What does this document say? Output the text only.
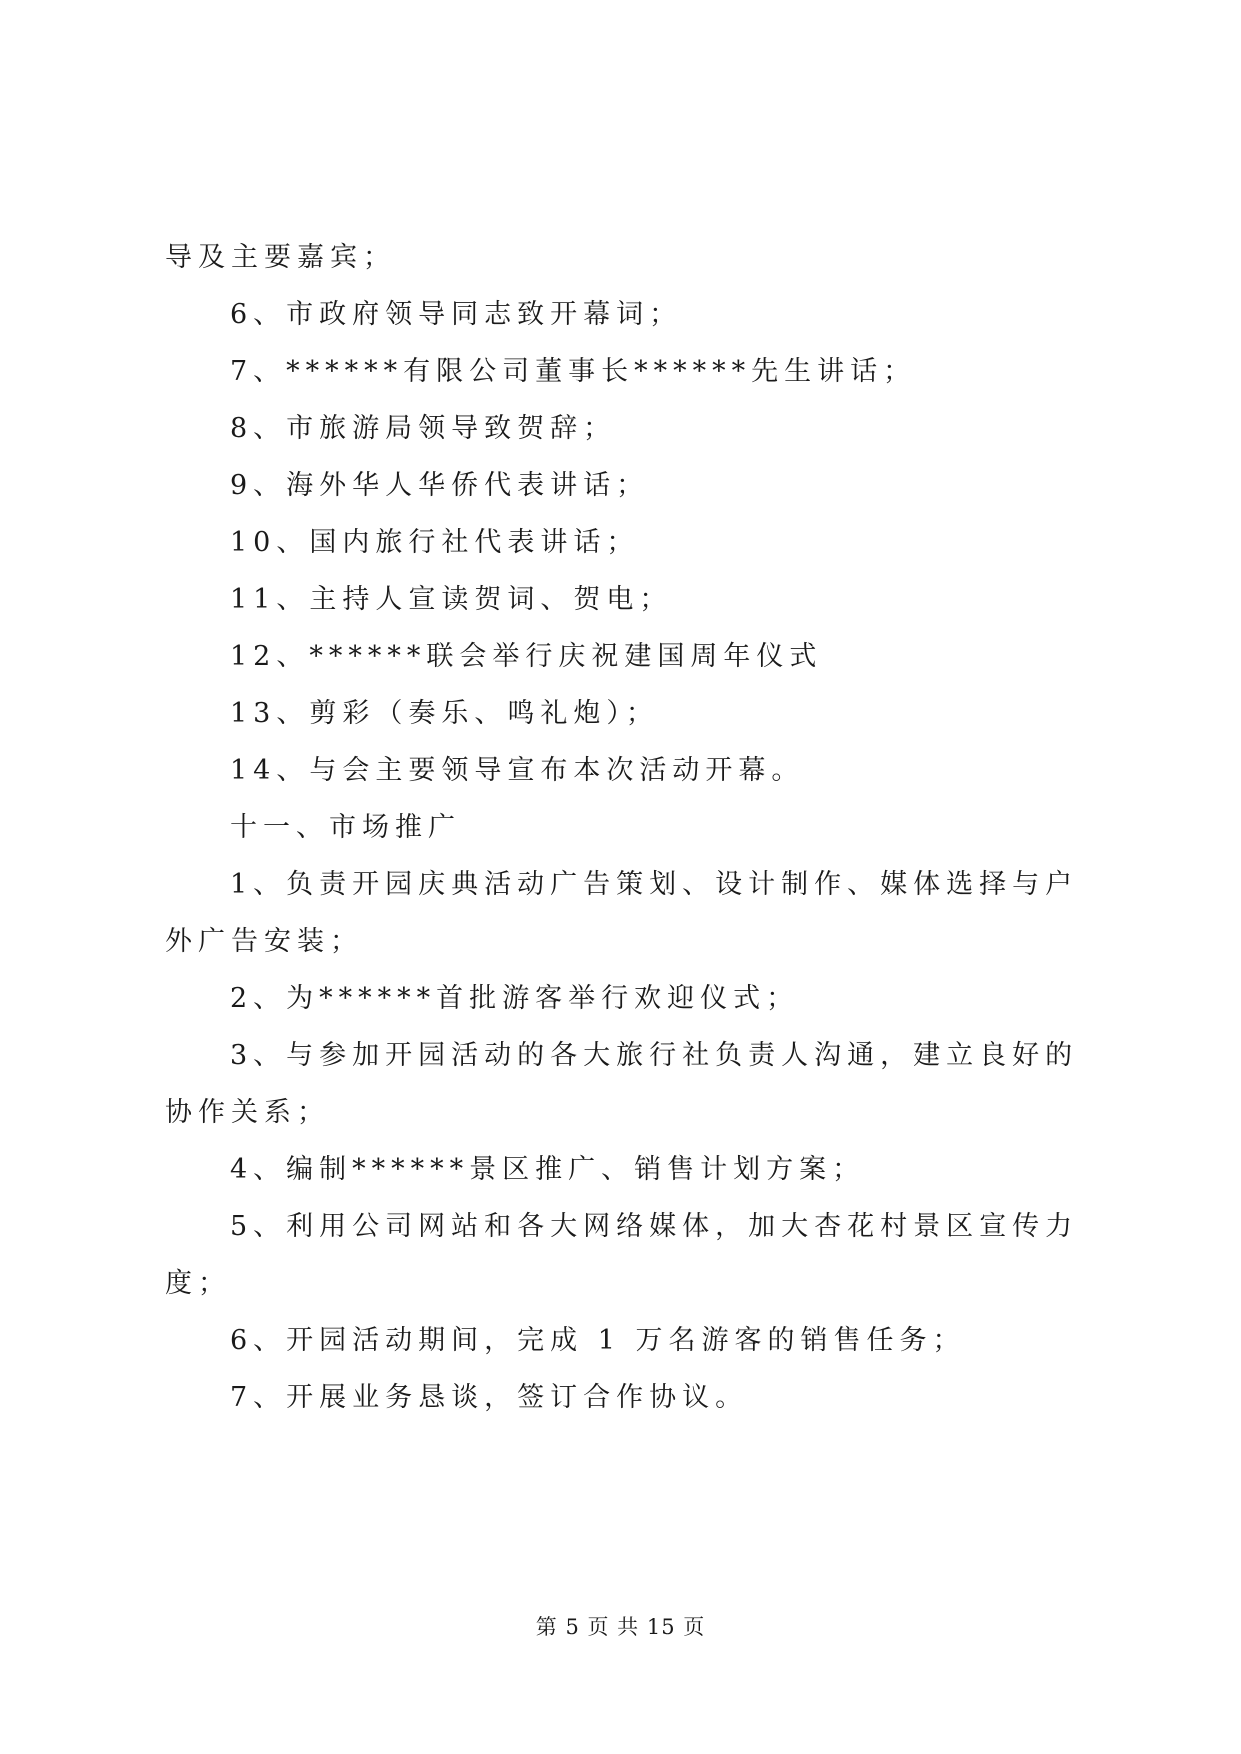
导及主要嘉宾；
6、市政府领导同志致开幕词；
7、******有限公司董事长******先生讲话；
8、市旅游局领导致贺辞；
9、海外华人华侨代表讲话；
10、国内旅行社代表讲话；
11、主持人宣读贺词、贺电；
12、******联会举行庆祝建国周年仪式
13、剪彩（奏乐、鸣礼炮）；
14、与会主要领导宣布本次活动开幕。
十一、市场推广
1、负责开园庆典活动广告策划、设计制作、媒体选择与户
外广告安装；
2、为******首批游客举行欢迎仪式；
3、与参加开园活动的各大旅行社负责人沟通，建立良好的
协作关系；
4、编制******景区推广、销售计划方案；
5、利用公司网站和各大网络媒体，加大杏花村景区宣传力
度；
6、开园活动期间，完成 1 万名游客的销售任务；
7、开展业务恳谈，签订合作协议。
第 5 页 共 15 页
